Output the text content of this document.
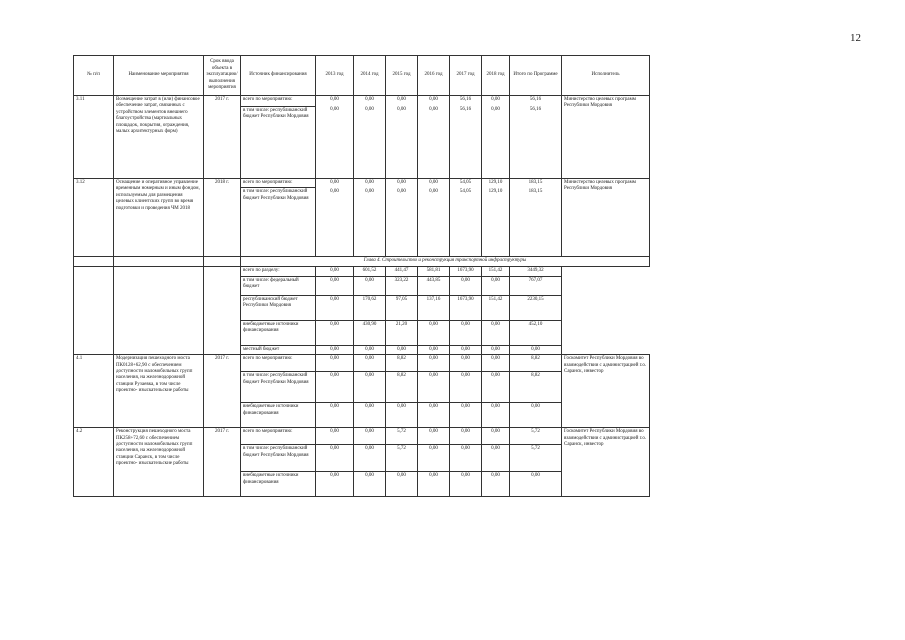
12
№ п/п	Наименование мероприятия	Срок ввода объекта в эксплуатацию/выполнения мероприятия	Источник финансирования	2013 год	2014 год	2015 год	2016 год	2017 год	2018 год	Итого по Программе	Исполнитель
3.11	Возмещение затрат в (или) финансовое обеспечение затрат, связанных с устройством элементов внешнего благоустройства (мартиальных площадок, покрытия, ограждения, малых архитектурных форм)	2017 г.	всего по мероприятию:	0,00	0,00	0,00	0,00	56,16	0,00	56,16	Министерство целевых программ Республики Мордовия
			в том числе: республиканский бюджет Республики Мордовия	0,00	0,00	0,00	0,00	56,16	0,00	56,16	
3.12	Оснащение и оперативное управление временным номерным и иным фондом, используемым для размещения целевых клиентских групп во время подготовки и проведения ЧМ 2018	2018 г.	всего по мероприятию:	0,00	0,00	0,00	0,00	54,05	129,10	183,15	Министерство целевых программ Республики Мордовия
			в том числе: республиканский бюджет Республики Мордовия	0,00	0,00	0,00	0,00	54,05	129,10	183,15	
			Глава 4. Строительство и реконструкция транспортной инфраструктуры								
			всего по разделу:	0,00	601,52	441,47	581,81	1673,90	151,42	3449,32	
			в том числе: федеральный бюджет	0,00	0,00	323,22	443,85	0,00	0,00	767,07	
			республиканский бюджет Республики Мордовия	0,00	170,62	97,05	137,16	1673,90	151,42	2230,15	
			внебюджетные источники финансирования	0,00	430,90	21,20	0,00	0,00	0,00	452,10	
			местный бюджет	0,00	0,00	0,00	0,00	0,00	0,00	0,00	
4.1	Модернизация пешеходного моста ПК0128+62,90 с обеспечением доступности маломобильных групп населения, на железнодорожной станции Рузаевка, в том числе проектно- изыскательские работы	2017 г.	всего по мероприятию:	0,00	0,00	8,82	0,00	0,00	0,00	8,82	Госкомитет Республики Мордовия во взаимодействии с администрацией г.о. Саранск, инвестор
			в том числе: республиканский бюджет Республики Мордовия	0,00	0,00	8,82	0,00	0,00	0,00	8,82	
			внебюджетные источники финансирования	0,00	0,00	0,00	0,00	0,00	0,00	0,00	
4.2	Реконструкция пешеходного моста ПК258+72,60 с обеспечением доступности маломобильных групп населения, на железнодорожной станции Саранск, в том числе проектно- изыскательские работы	2017 г.	всего по мероприятию:	0,00	0,00	5,72	0,00	0,00	0,00	5,72	Госкомитет Республики Мордовия во взаимодействии с администрацией г.о. Саранск, инвестор
			в том числе: республиканский бюджет Республики Мордовия	0,00	0,00	5,72	0,00	0,00	0,00	5,72	
			внебюджетные источники финансирования	0,00	0,00	0,00	0,00	0,00	0,00	0,00	
